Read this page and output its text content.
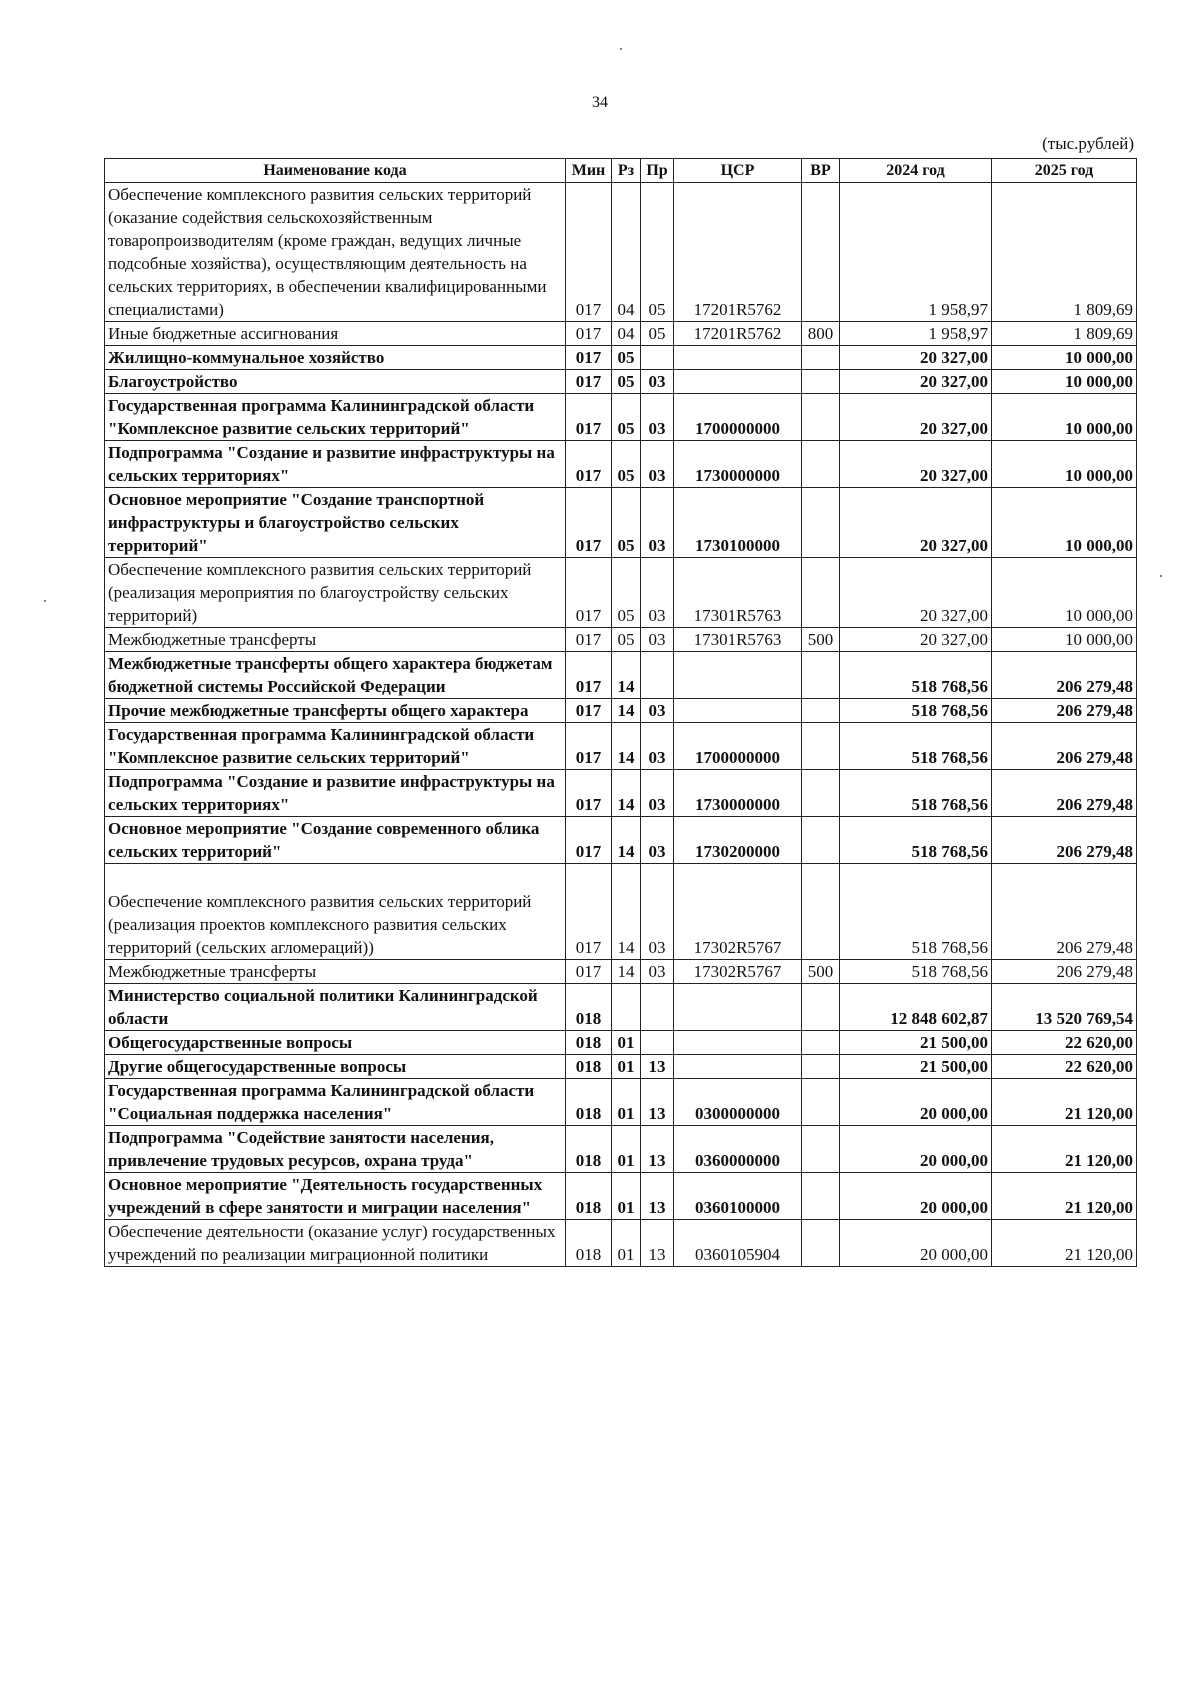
34
(тыс.рублей)
Наименование кода	Мин	Рз	Пр	ЦСР	ВР	2024 год	2025 год
Обеспечение комплексного развития сельских территорий (оказание содействия сельскохозяйственным товаропроизводителям (кроме граждан, ведущих личные подсобные хозяйства), осуществляющим деятельность на сельских территориях, в обеспечении квалифицированными специалистами)	017	04	05	17201R5762		1 958,97	1 809,69
Иные бюджетные ассигнования	017	04	05	17201R5762	800	1 958,97	1 809,69
Жилищно-коммунальное хозяйство	017	05				20 327,00	10 000,00
Благоустройство	017	05	03			20 327,00	10 000,00
Государственная программа Калининградской области "Комплексное развитие сельских территорий"	017	05	03	1700000000		20 327,00	10 000,00
Подпрограмма "Создание и развитие инфраструктуры на сельских территориях"	017	05	03	1730000000		20 327,00	10 000,00
Основное мероприятие "Создание транспортной инфраструктуры и благоустройство сельских территорий"	017	05	03	1730100000		20 327,00	10 000,00
Обеспечение комплексного развития сельских территорий (реализация мероприятия по благоустройству сельских территорий)	017	05	03	17301R5763		20 327,00	10 000,00
Межбюджетные трансферты	017	05	03	17301R5763	500	20 327,00	10 000,00
Межбюджетные трансферты общего характера бюджетам бюджетной системы Российской Федерации	017	14				518 768,56	206 279,48
Прочие межбюджетные трансферты общего характера	017	14	03			518 768,56	206 279,48
Государственная программа Калининградской области "Комплексное развитие сельских территорий"	017	14	03	1700000000		518 768,56	206 279,48
Подпрограмма "Создание и развитие инфраструктуры на сельских территориях"	017	14	03	1730000000		518 768,56	206 279,48
Основное мероприятие "Создание современного облика сельских территорий"	017	14	03	1730200000		518 768,56	206 279,48
Обеспечение комплексного развития сельских территорий (реализация проектов комплексного развития сельских территорий (сельских агломераций))	017	14	03	17302R5767		518 768,56	206 279,48
Межбюджетные трансферты	017	14	03	17302R5767	500	518 768,56	206 279,48
Министерство социальной политики Калининградской области	018					12 848 602,87	13 520 769,54
Общегосударственные вопросы	018	01				21 500,00	22 620,00
Другие общегосударственные вопросы	018	01	13			21 500,00	22 620,00
Государственная программа Калининградской области "Социальная поддержка населения"	018	01	13	0300000000		20 000,00	21 120,00
Подпрограмма "Содействие занятости населения, привлечение трудовых ресурсов, охрана труда"	018	01	13	0360000000		20 000,00	21 120,00
Основное мероприятие "Деятельность государственных учреждений в сфере занятости и миграции населения"	018	01	13	0360100000		20 000,00	21 120,00
Обеспечение деятельности (оказание услуг) государственных учреждений по реализации миграционной политики	018	01	13	0360105904		20 000,00	21 120,00
